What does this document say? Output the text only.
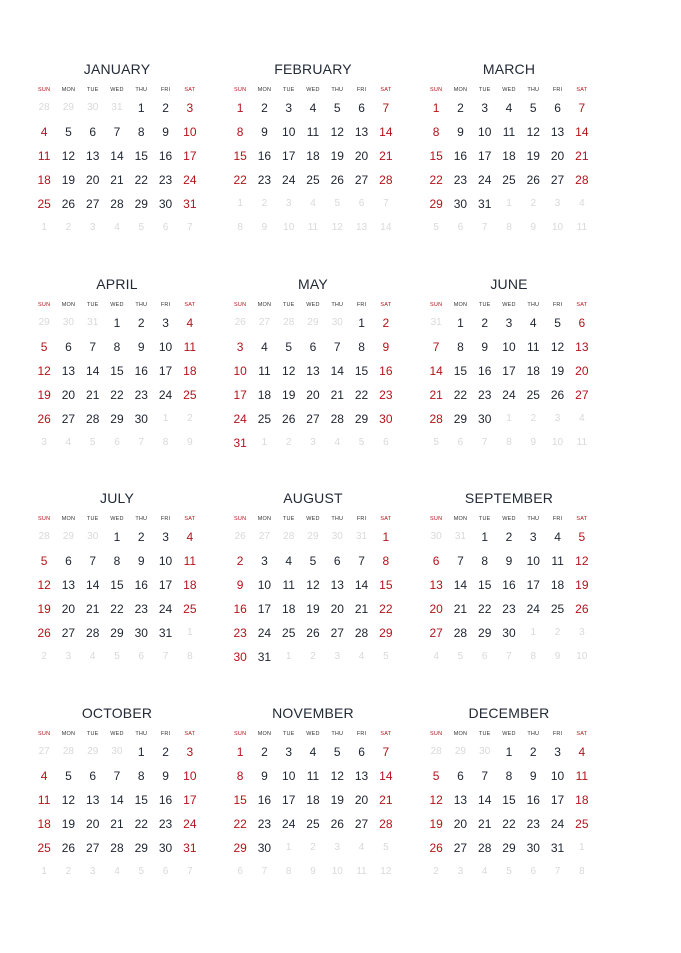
JANUARY
SUN	MON	TUE	WED	THU	FRI	SAT
28	29	30	31	1	2	3
4	5	6	7	8	9	10
11	12	13	14	15	16	17
18	19	20	21	22	23	24
25	26	27	28	29	30	31
1	2	3	4	5	6	7
FEBRUARY
SUN	MON	TUE	WED	THU	FRI	SAT
1	2	3	4	5	6	7
8	9	10	11	12	13	14
15	16	17	18	19	20	21
22	23	24	25	26	27	28
1	2	3	4	5	6	7
8	9	10	11	12	13	14
MARCH
SUN	MON	TUE	WED	THU	FRI	SAT
1	2	3	4	5	6	7
8	9	10	11	12	13	14
15	16	17	18	19	20	21
22	23	24	25	26	27	28
29	30	31	1	2	3	4
5	6	7	8	9	10	11
APRIL
SUN	MON	TUE	WED	THU	FRI	SAT
29	30	31	1	2	3	4
5	6	7	8	9	10	11
12	13	14	15	16	17	18
19	20	21	22	23	24	25
26	27	28	29	30	1	2
3	4	5	6	7	8	9
MAY
SUN	MON	TUE	WED	THU	FRI	SAT
26	27	28	29	30	1	2
3	4	5	6	7	8	9
10	11	12	13	14	15	16
17	18	19	20	21	22	23
24	25	26	27	28	29	30
31	1	2	3	4	5	6
JUNE
SUN	MON	TUE	WED	THU	FRI	SAT
31	1	2	3	4	5	6
7	8	9	10	11	12	13
14	15	16	17	18	19	20
21	22	23	24	25	26	27
28	29	30	1	2	3	4
5	6	7	8	9	10	11
JULY
SUN	MON	TUE	WED	THU	FRI	SAT
28	29	30	1	2	3	4
5	6	7	8	9	10	11
12	13	14	15	16	17	18
19	20	21	22	23	24	25
26	27	28	29	30	31	1
2	3	4	5	6	7	8
AUGUST
SUN	MON	TUE	WED	THU	FRI	SAT
26	27	28	29	30	31	1
2	3	4	5	6	7	8
9	10	11	12	13	14	15
16	17	18	19	20	21	22
23	24	25	26	27	28	29
30	31	1	2	3	4	5
SEPTEMBER
SUN	MON	TUE	WED	THU	FRI	SAT
30	31	1	2	3	4	5
6	7	8	9	10	11	12
13	14	15	16	17	18	19
20	21	22	23	24	25	26
27	28	29	30	1	2	3
4	5	6	7	8	9	10
OCTOBER
SUN	MON	TUE	WED	THU	FRI	SAT
27	28	29	30	1	2	3
4	5	6	7	8	9	10
11	12	13	14	15	16	17
18	19	20	21	22	23	24
25	26	27	28	29	30	31
1	2	3	4	5	6	7
NOVEMBER
SUN	MON	TUE	WED	THU	FRI	SAT
1	2	3	4	5	6	7
8	9	10	11	12	13	14
15	16	17	18	19	20	21
22	23	24	25	26	27	28
29	30	1	2	3	4	5
6	7	8	9	10	11	12
DECEMBER
SUN	MON	TUE	WED	THU	FRI	SAT
28	29	30	1	2	3	4
5	6	7	8	9	10	11
12	13	14	15	16	17	18
19	20	21	22	23	24	25
26	27	28	29	30	31	1
2	3	4	5	6	7	8
